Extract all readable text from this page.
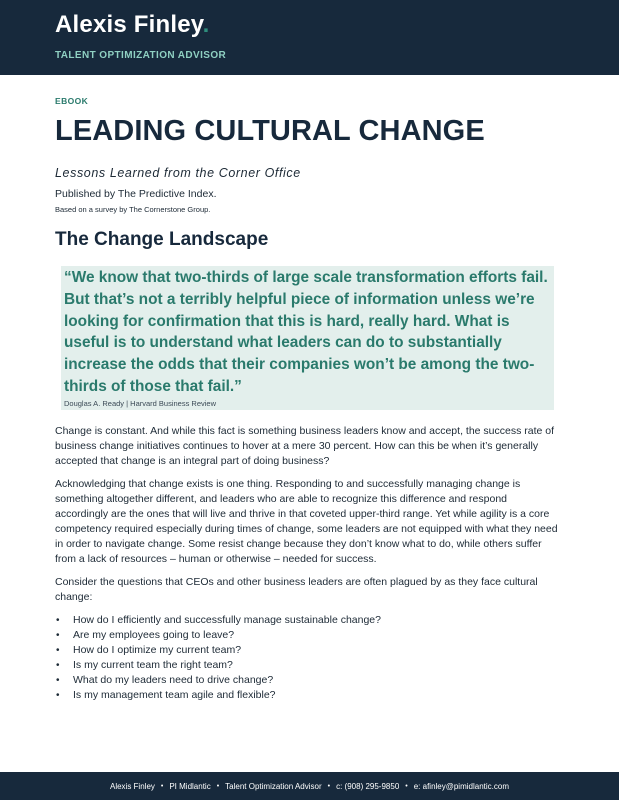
Alexis Finley.
TALENT OPTIMIZATION ADVISOR
EBOOK
LEADING CULTURAL CHANGE
Lessons Learned from the Corner Office
Published by The Predictive Index.
Based on a survey by The Cornerstone Group.
The Change Landscape
“We know that two-thirds of large scale transformation efforts fail. But that’s not a terribly helpful piece of information unless we’re looking for confirmation that this is hard, really hard. What is useful is to understand what leaders can do to substantially increase the odds that their companies won’t be among the two-thirds of those that fail.”
Douglas A. Ready | Harvard Business Review

Change is constant. And while this fact is something business leaders know and accept, the success rate of business change initiatives continues to hover at a mere 30 percent. How can this be when it’s generally accepted that change is an integral part of doing business?

Acknowledging that change exists is one thing. Responding to and successfully managing change is something altogether different, and leaders who are able to recognize this difference and respond accordingly are the ones that will live and thrive in that coveted upper-third range. Yet while agility is a core competency required especially during times of change, some leaders are not equipped with what they need in order to navigate change. Some resist change because they don’t know what to do, while others suffer from a lack of resources – human or otherwise – needed for success.

Consider the questions that CEOs and other business leaders are often plagued by as they face cultural change:

• How do I efficiently and successfully manage sustainable change?
• Are my employees going to leave?
• How do I optimize my current team?
• Is my current team the right team?
• What do my leaders need to drive change?
• Is my management team agile and flexible?
Alexis Finley • PI Midlantic • Talent Optimization Advisor • c: (908) 295-9850 • e: afinley@pimidlantic.com
